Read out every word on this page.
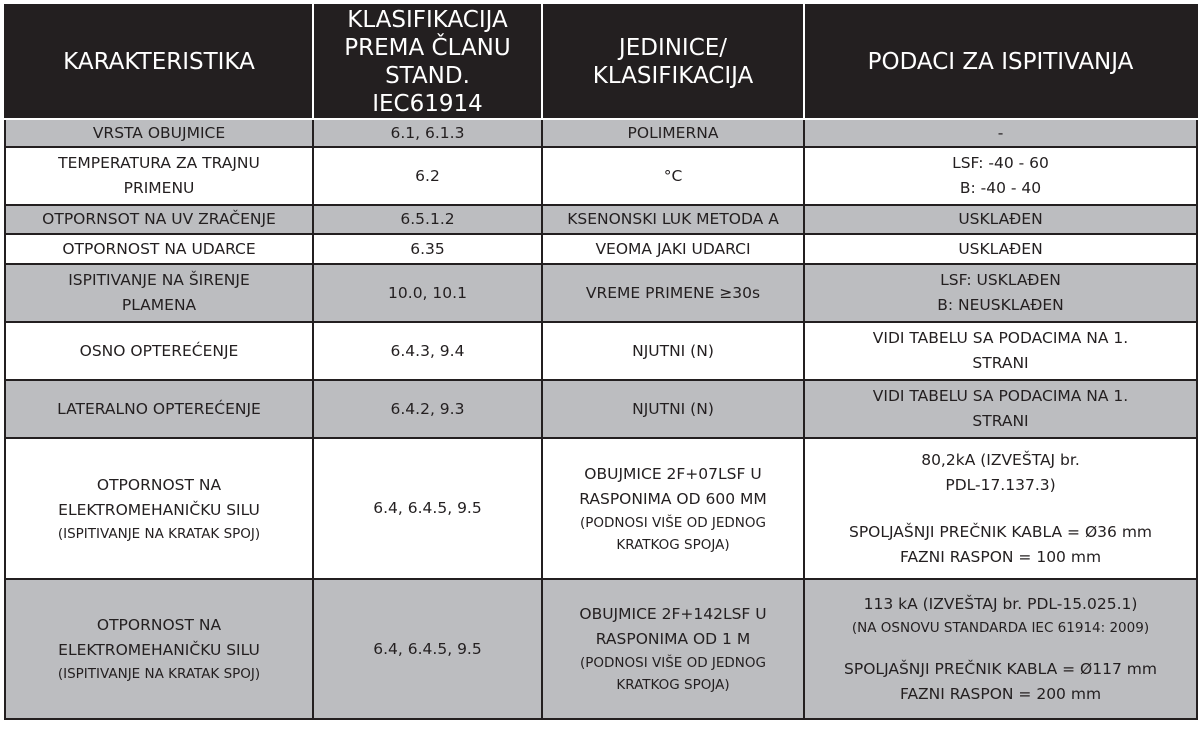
KARAKTERISTIKA	KLASIFIKACIJA PREMA ČLANU STAND. IEC61914	JEDINICE/ KLASIFIKACIJA	PODACI ZA ISPITIVANJA

VRSTA OBUJMICE	6.1, 6.1.3	POLIMERNA	-

TEMPERATURA ZA TRAJNU
PRIMENU	6.2	°C	LSF: -40 - 60
B: -40 - 40

OTPORNSOT NA UV ZRAČENJE	6.5.1.2	KSENONSKI LUK METODA A	USKLAĐEN

OTPORNOST NA UDARCE	6.35	VEOMA JAKI UDARCI	USKLAĐEN

ISPITIVANJE NA ŠIRENJE
PLAMENA	10.0, 10.1	VREME PRIMENE ≥30s	LSF: USKLAĐEN
B: NEUSKLAĐEN

OSNO OPTEREĆENJE	6.4.3, 9.4	NJUTNI (N)	VIDI TABELU SA PODACIMA NA 1.
STRANI

LATERALNO OPTEREĆENJE	6.4.2, 9.3	NJUTNI (N)	VIDI TABELU SA PODACIMA NA 1.
STRANI

OTPORNOST NA
ELEKTROMEHANIČKU SILU
(ISPITIVANJE NA KRATAK SPOJ)	6.4, 6.4.5, 9.5	OBUJMICE 2F+07LSF U
RASPONIMA OD 600 MM
(PODNOSI VIŠE OD JEDNOG
KRATKOG SPOJA)	80,2kA (IZVEŠTAJ br.
PDL-17.137.3)
SPOLJAŠNJI PREČNIK KABLA = Ø36 mm
FAZNI RASPON = 100 mm

OTPORNOST NA
ELEKTROMEHANIČKU SILU
(ISPITIVANJE NA KRATAK SPOJ)	6.4, 6.4.5, 9.5	OBUJMICE 2F+142LSF U
RASPONIMA OD 1 M
(PODNOSI VIŠE OD JEDNOG
KRATKOG SPOJA)	113 kA (IZVEŠTAJ br. PDL-15.025.1)
(NA OSNOVU STANDARDA IEC 61914: 2009)
SPOLJAŠNJI PREČNIK KABLA = Ø117 mm
FAZNI RASPON = 200 mm
